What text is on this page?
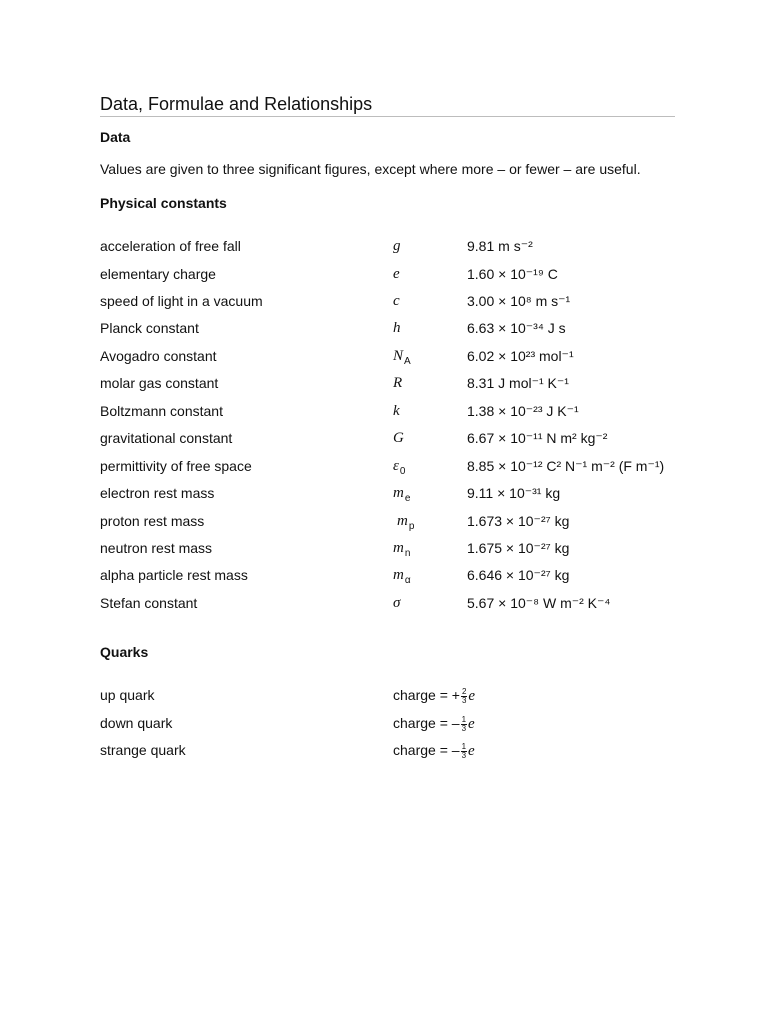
Data, Formulae and Relationships
Data
Values are given to three significant figures, except where more – or fewer – are useful.
Physical constants
acceleration of free fall	g	9.81 m s⁻²
elementary charge	e	1.60 × 10⁻¹⁹ C
speed of light in a vacuum	c	3.00 × 10⁸ m s⁻¹
Planck constant	h	6.63 × 10⁻³⁴ J s
Avogadro constant	$N_A$	6.02 × 10²³ mol⁻¹
molar gas constant	R	8.31 J mol⁻¹ K⁻¹
Boltzmann constant	k	1.38 × 10⁻²³ J K⁻¹
gravitational constant	G	6.67 × 10⁻¹¹ N m² kg⁻²
permittivity of free space	$\varepsilon_0$	8.85 × 10⁻¹² C² N⁻¹ m⁻² (F m⁻¹)
electron rest mass	$m_e$	9.11 × 10⁻³¹ kg
proton rest mass	$m_p$	1.673 × 10⁻²⁷ kg
neutron rest mass	$m_n$	1.675 × 10⁻²⁷ kg
alpha particle rest mass	$m_\alpha$	6.646 × 10⁻²⁷ kg
Stefan constant	σ	5.67 × 10⁻⁸ W m⁻² K⁻⁴
Quarks
up quark	charge = + $\frac{2}{3}$ e
down quark	charge = – $\frac{1}{3}$ e
strange quark	charge = – $\frac{1}{3}$ e
